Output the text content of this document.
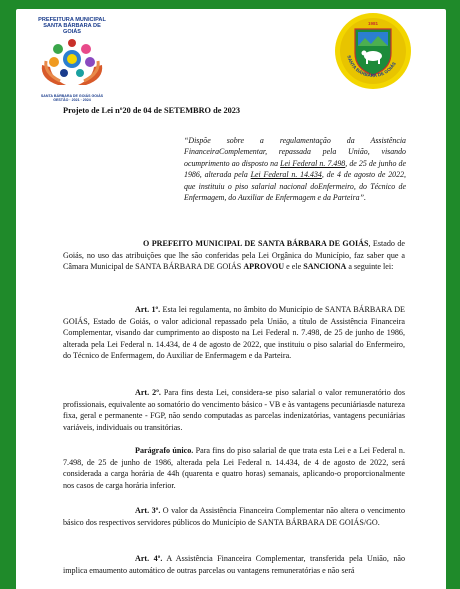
PREFEITURA MUNICIPAL
SANTA BÁRBARA DE GOIÁS
SANTA BÁRBARA DE GOIÁS GOIÁS
GESTÃO · 2021 · 2024
SANTA BÁRBARA DE GOIÁS
1981
Projeto de Lei nº20 de 04 de SETEMBRO de 2023
“Dispõe sobre a regulamentação da Assistência FinanceiraComplementar, repassada pela União, visando ocumprimento ao disposto na Lei Federal n. 7.498, de 25 de junho de 1986, alterada pela Lei Federal n. 14.434, de 4 de agosto de 2022, que instituiu o piso salarial nacional doEnfermeiro, do Técnico de Enfermagem, do Auxiliar de Enfermagem e da Parteira”.
O PREFEITO MUNICIPAL DE SANTA BÁRBARA DE GOIÁS, Estado de Goiás, no uso das atribuições que lhe são conferidas pela Lei Orgânica do Município, faz saber que a Câmara Municipal de SANTA BÁRBARA DE GOIÁS APROVOU e ele SANCIONA a seguinte lei:
Art. 1º. Esta lei regulamenta, no âmbito do Município de SANTA BÁRBARA DE GOIÁS, Estado de Goiás, o valor adicional repassado pela União, a título de Assistência Financeira Complementar, visando dar cumprimento ao disposto na Lei Federal n. 7.498, de 25 de junho de 1986, alterada pela Lei Federal n. 14.434, de 4 de agosto de 2022, que instituiu o piso salarial do Enfermeiro, do Técnico de Enfermagem, do Auxiliar de Enfermagem e da Parteira.
Art. 2º. Para fins desta Lei, considera-se piso salarial o valor remuneratório dos profissionais, equivalente ao somatório do vencimento básico - VB e às vantagens pecuniáriasde natureza fixa, geral e permanente - FGP, não sendo computadas as parcelas indenizatórias, vantagens pecuniárias variáveis, individuais ou transitórias.
Parágrafo único. Para fins do piso salarial de que trata esta Lei e a Lei Federal n. 7.498, de 25 de junho de 1986, alterada pela Lei Federal n. 14.434, de 4 de agosto de 2022, será considerada a carga horária de 44h (quarenta e quatro horas) semanais, aplicando-o proporcionalmente nos casos de carga horária inferior.
Art. 3º. O valor da Assistência Financeira Complementar não altera o vencimento básico dos respectivos servidores públicos do Município de SANTA BÁRBARA DE GOIÁS/GO.
Art. 4º. A Assistência Financeira Complementar, transferida pela União, não implica emaumento automático de outras parcelas ou vantagens remuneratórias e não será
